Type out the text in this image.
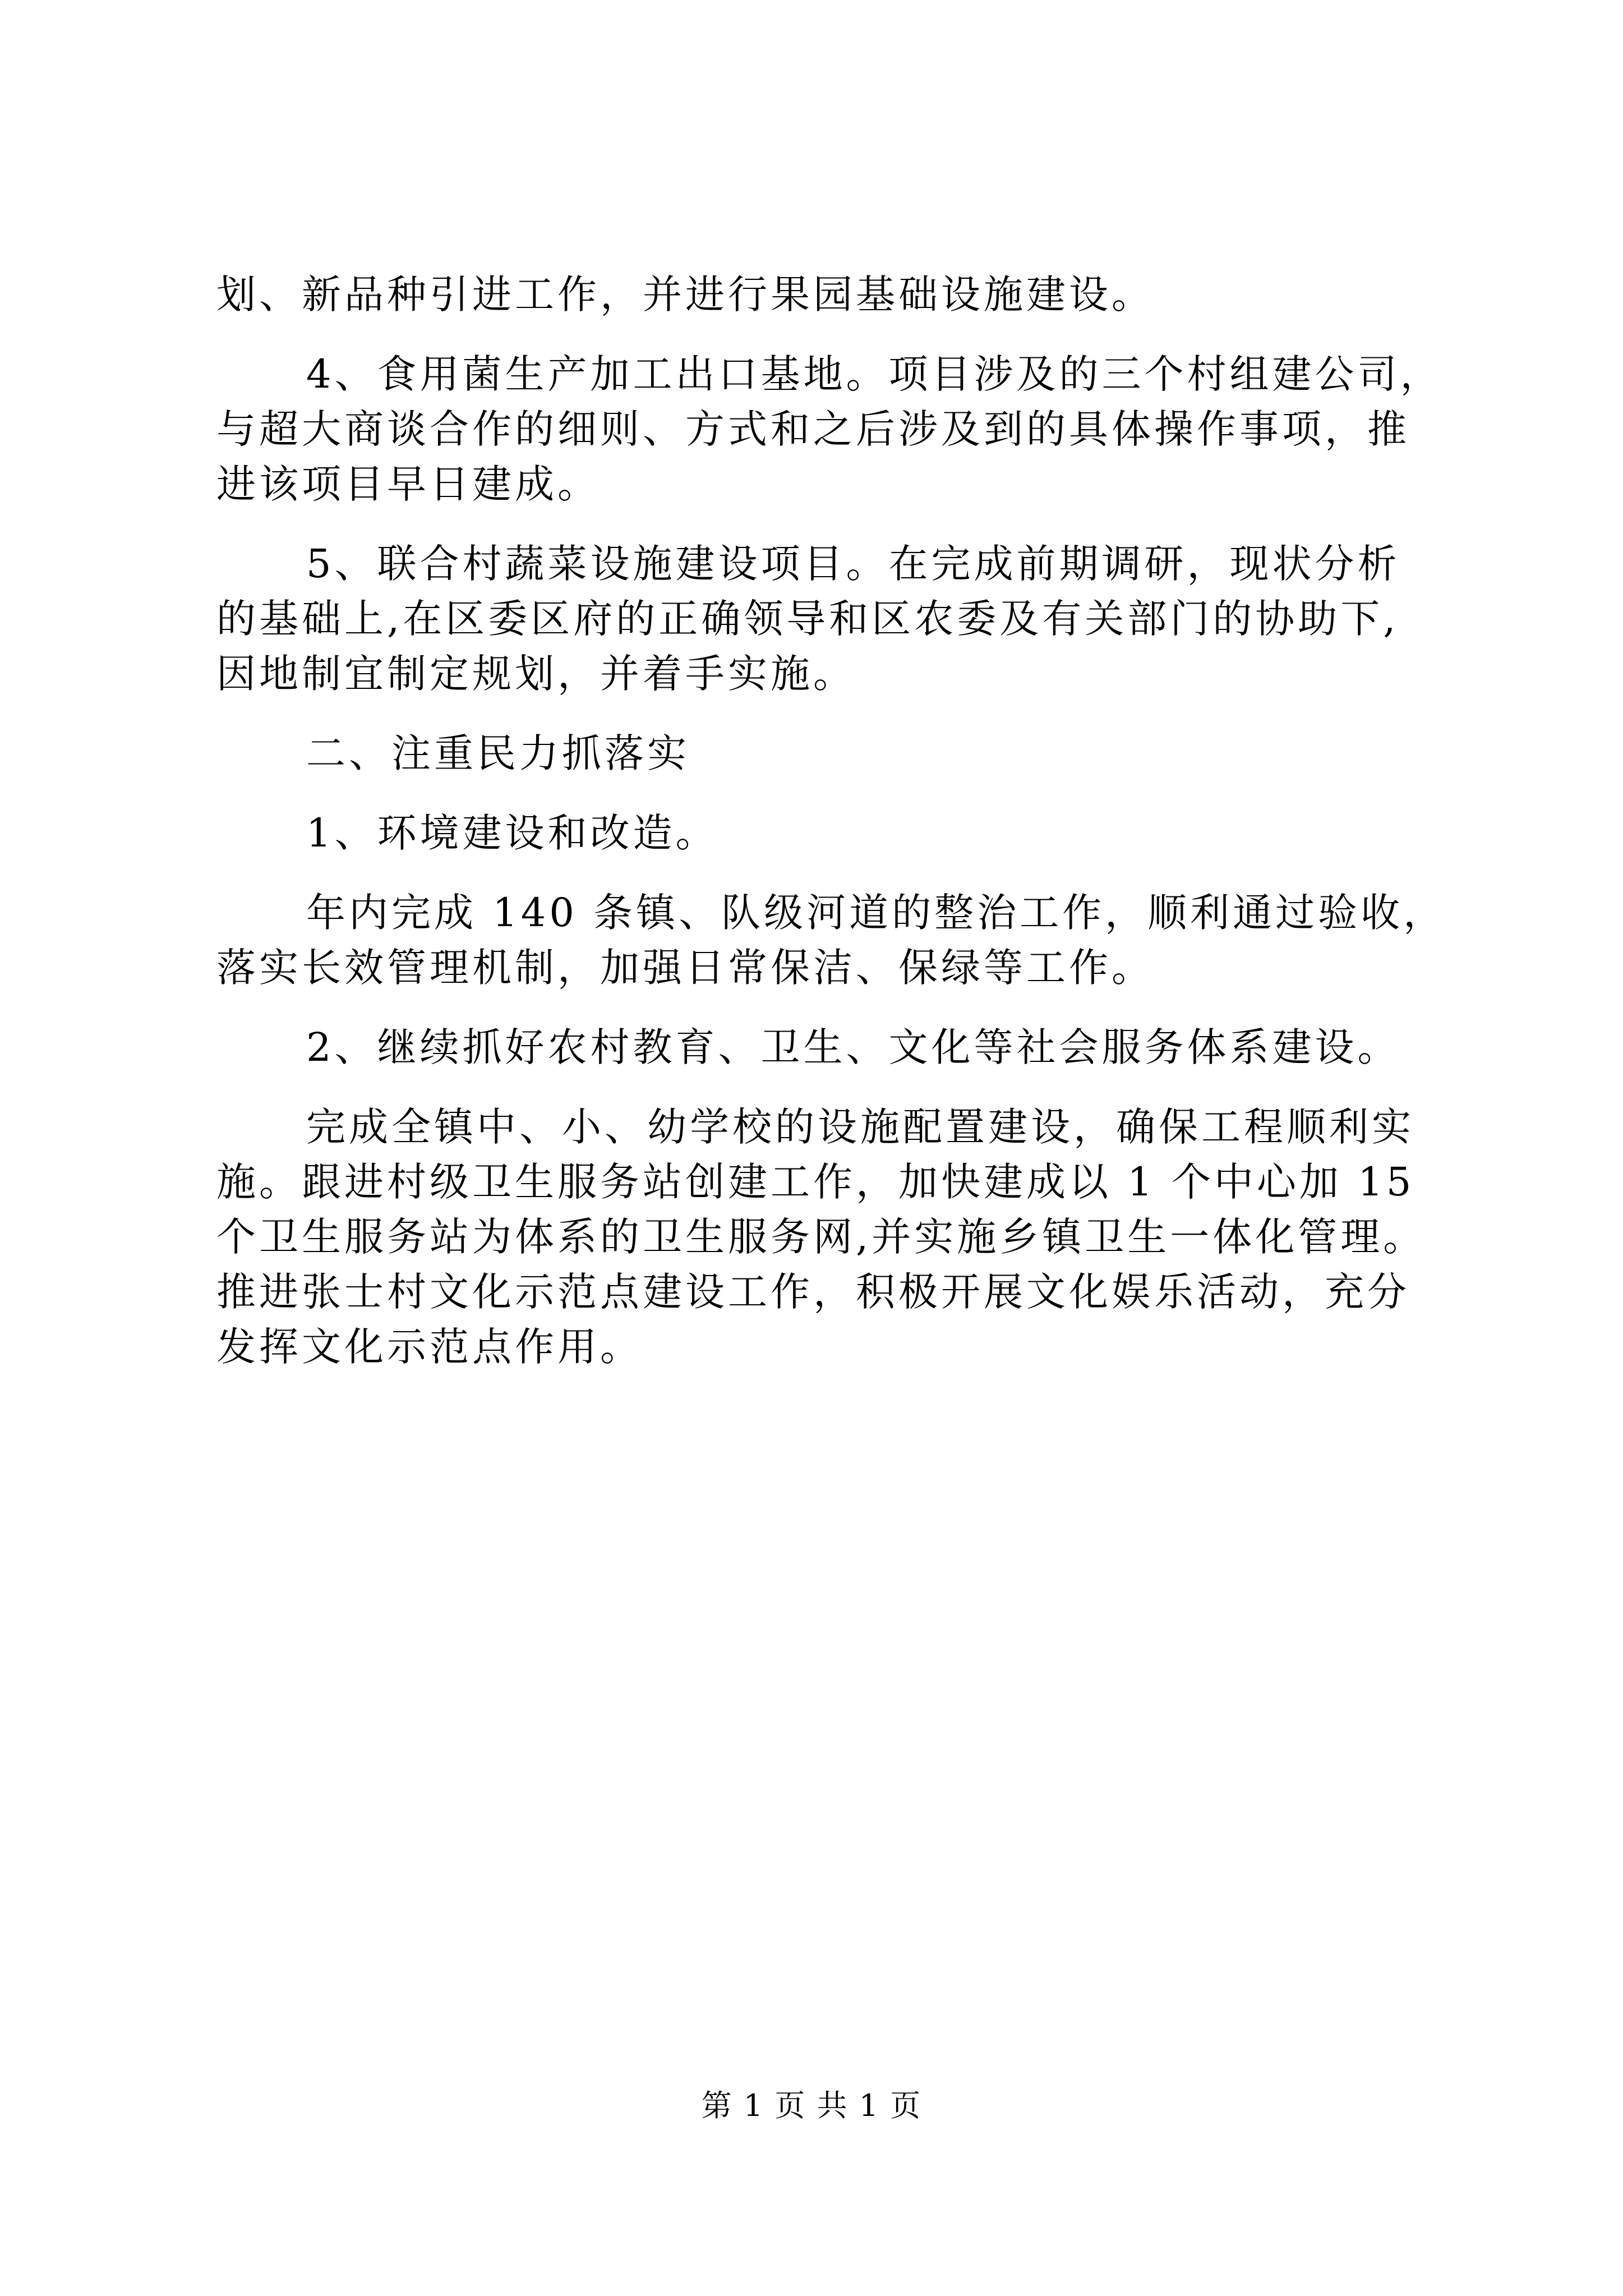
划、新品种引进工作，并进行果园基础设施建设。

4、食用菌生产加工出口基地。项目涉及的三个村组建公司，

与超大商谈合作的细则、方式和之后涉及到的具体操作事项，推

进该项目早日建成。

5、联合村蔬菜设施建设项目。在完成前期调研，现状分析

的基础上,在区委区府的正确领导和区农委及有关部门的协助下,

因地制宜制定规划，并着手实施。

二、注重民力抓落实

1、环境建设和改造。

年内完成 140 条镇、队级河道的整治工作，顺利通过验收，

落实长效管理机制，加强日常保洁、保绿等工作。

2、继续抓好农村教育、卫生、文化等社会服务体系建设。

完成全镇中、小、幼学校的设施配置建设，确保工程顺利实

施。跟进村级卫生服务站创建工作，加快建成以 1 个中心加 15

个卫生服务站为体系的卫生服务网,并实施乡镇卫生一体化管理。

推进张士村文化示范点建设工作，积极开展文化娱乐活动，充分

发挥文化示范点作用。

第 1 页 共 1 页
